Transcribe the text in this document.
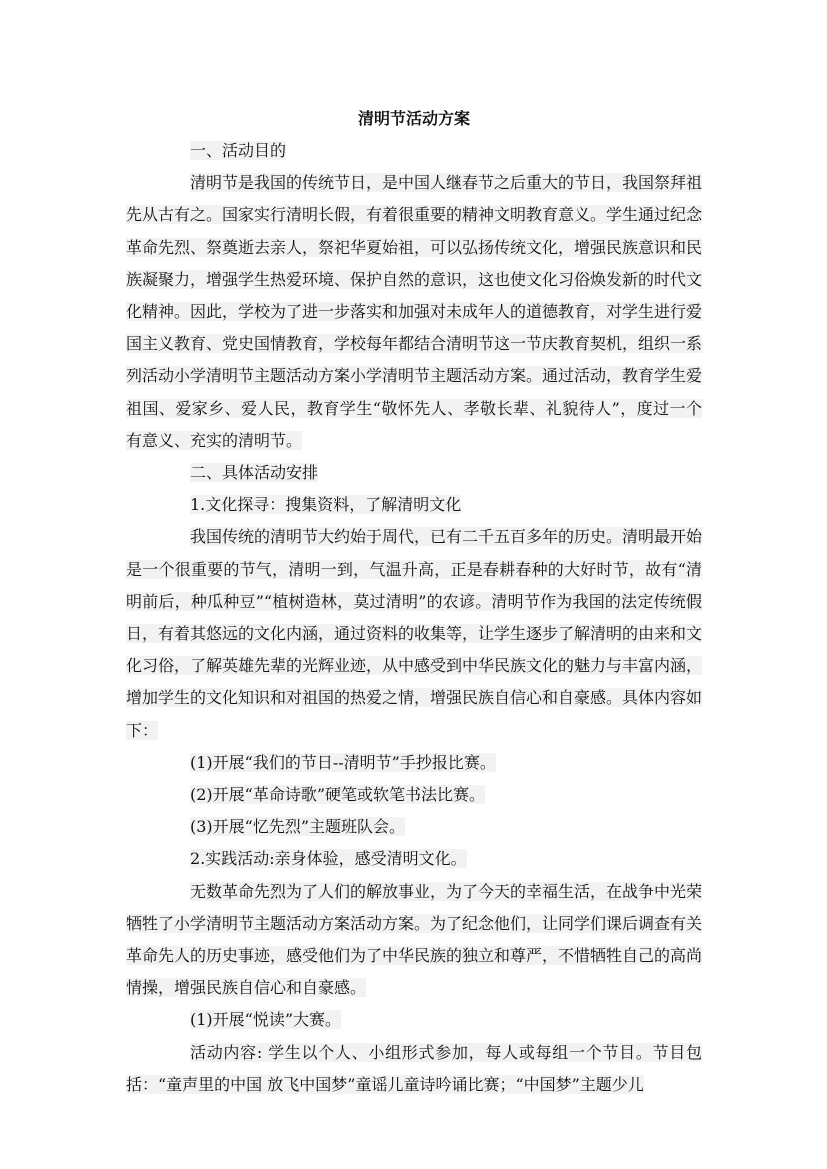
清明节活动方案

一、活动目的

清明节是我国的传统节日，是中国人继春节之后重大的节日，我国祭拜祖先从古有之。国家实行清明长假，有着很重要的精神文明教育意义。学生通过纪念革命先烈、祭奠逝去亲人，祭祀华夏始祖，可以弘扬传统文化，增强民族意识和民族凝聚力，增强学生热爱环境、保护自然的意识，这也使文化习俗焕发新的时代文化精神。因此，学校为了进一步落实和加强对未成年人的道德教育，对学生进行爱国主义教育、党史国情教育，学校每年都结合清明节这一节庆教育契机，组织一系列活动小学清明节主题活动方案小学清明节主题活动方案。通过活动，教育学生爱祖国、爱家乡、爱人民，教育学生“敬怀先人、孝敬长辈、礼貌待人”，度过一个有意义、充实的清明节。

二、具体活动安排

1.文化探寻：搜集资料，了解清明文化

我国传统的清明节大约始于周代，已有二千五百多年的历史。清明最开始是一个很重要的节气，清明一到，气温升高，正是春耕春种的大好时节，故有“清明前后，种瓜种豆”“植树造林，莫过清明”的农谚。清明节作为我国的法定传统假日，有着其悠远的文化内涵，通过资料的收集等，让学生逐步了解清明的由来和文化习俗，了解英雄先辈的光辉业迹，从中感受到中华民族文化的魅力与丰富内涵，增加学生的文化知识和对祖国的热爱之情，增强民族自信心和自豪感。具体内容如下：

(1)开展“我们的节日--清明节”手抄报比赛。

(2)开展“革命诗歌”硬笔或软笔书法比赛。

(3)开展“忆先烈”主题班队会。

2.实践活动:亲身体验，感受清明文化。

无数革命先烈为了人们的解放事业，为了今天的幸福生活，在战争中光荣牺牲了小学清明节主题活动方案活动方案。为了纪念他们，让同学们课后调查有关革命先人的历史事迹，感受他们为了中华民族的独立和尊严，不惜牺牲自己的高尚情操，增强民族自信心和自豪感。

(1)开展“悦读”大赛。

活动内容: 学生以个人、小组形式参加，每人或每组一个节目。节目包括：“童声里的中国 放飞中国梦”童谣儿童诗吟诵比赛；“中国梦”主题少儿
